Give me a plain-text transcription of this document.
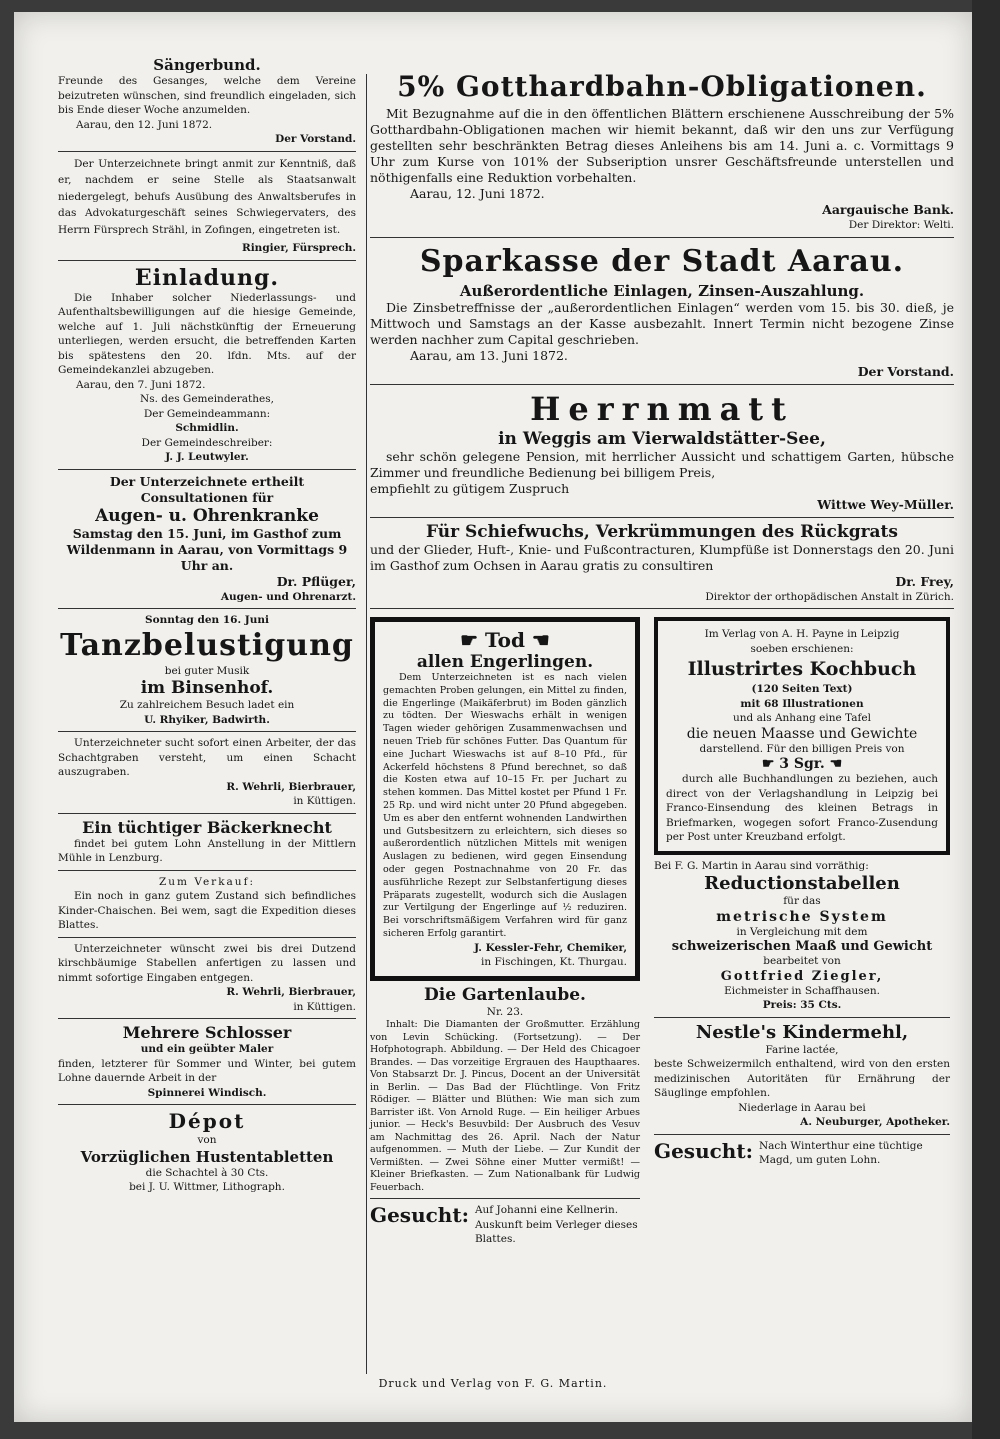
Sängerbund.
Freunde des Gesanges, welche dem Vereine beizutreten wünschen, sind freundlich eingeladen, sich bis Ende dieser Woche anzumelden.
Aarau, den 12. Juni 1872.
Der Vorstand.
Der Unterzeichnete bringt anmit zur Kenntniß, daß er, nachdem er seine Stelle als Staatsanwalt niedergelegt, behufs Ausübung des Anwaltsberufes in das Advokaturgeschäft seines Schwiegervaters, des Herrn Fürsprech Strähl, in Zofingen, eingetreten ist.
Ringier, Fürsprech.
Einladung.
Die Inhaber solcher Niederlassungs- und Aufenthaltsbewilligungen auf die hiesige Gemeinde, welche auf 1. Juli nächstkünftig der Erneuerung unterliegen, werden ersucht, die betreffenden Karten bis spätestens den 20. lfdn. Mts. auf der Gemeindekanzlei abzugeben.
Aarau, den 7. Juni 1872.
Ns. des Gemeinderathes,
Der Gemeindeammann:
Schmidlin.
Der Gemeindeschreiber:
J. J. Leutwyler.
Der Unterzeichnete ertheilt Consultationen für
Augen- u. Ohrenkranke
Samstag den 15. Juni, im Gasthof zum Wildenmann in Aarau, von Vormittags 9 Uhr an.
Dr. Pflüger,
Augen- und Ohrenarzt.
Sonntag den 16. Juni
Tanzbelustigung
bei guter Musik
im Binsenhof.
Zu zahlreichem Besuch ladet ein
U. Rhyiker, Badwirth.
Unterzeichneter sucht sofort einen Arbeiter, der das Schachtgraben versteht, um einen Schacht auszugraben.
R. Wehrli, Bierbrauer,
in Küttigen.
Ein tüchtiger Bäckerknecht
findet bei gutem Lohn Anstellung in der Mittlern Mühle in Lenzburg.
Zum Verkauf:
Ein noch in ganz gutem Zustand sich befindliches Kinder-Chaischen. Bei wem, sagt die Expedition dieses Blattes.
Unterzeichneter wünscht zwei bis drei Dutzend kirschbäumige Stabellen anfertigen zu lassen und nimmt sofortige Eingaben entgegen.
R. Wehrli, Bierbrauer,
in Küttigen.
Mehrere Schlosser
und ein geübter Maler
finden, letzterer für Sommer und Winter, bei gutem Lohne dauernde Arbeit in der
Spinnerei Windisch.
Dépot
von
Vorzüglichen Hustentabletten
die Schachtel à 30 Cts.
bei J. U. Wittmer, Lithograph.
5% Gotthardbahn-Obligationen.
Mit Bezugnahme auf die in den öffentlichen Blättern erschienene Ausschreibung der 5% Gotthardbahn-Obligationen machen wir hiemit bekannt, daß wir den uns zur Verfügung gestellten sehr beschränkten Betrag dieses Anleihens bis am 14. Juni a. c. Vormittags 9 Uhr zum Kurse von 101% der Subseription unsrer Geschäftsfreunde unterstellen und nöthigenfalls eine Reduktion vorbehalten.
Aarau, 12. Juni 1872.
Aargauische Bank.
Der Direktor: Welti.
Sparkasse der Stadt Aarau.
Außerordentliche Einlagen, Zinsen-Auszahlung.
Die Zinsbetreffnisse der „außerordentlichen Einlagen“ werden vom 15. bis 30. dieß, je Mittwoch und Samstags an der Kasse ausbezahlt. Innert Termin nicht bezogene Zinse werden nachher zum Capital geschrieben.
Aarau, am 13. Juni 1872.
Der Vorstand.
Herrnmatt
in Weggis am Vierwaldstätter-See,
sehr schön gelegene Pension, mit herrlicher Aussicht und schattigem Garten, hübsche Zimmer und freundliche Bedienung bei billigem Preis,
empfiehlt zu gütigem Zuspruch
Wittwe Wey-Müller.
Für Schiefwuchs, Verkrümmungen des Rückgrats
und der Glieder, Huft-, Knie- und Fußcontracturen, Klumpfüße ist Donnerstags den 20. Juni im Gasthof zum Ochsen in Aarau gratis zu consultiren
Dr. Frey,
Direktor der orthopädischen Anstalt in Zürich.
☛ Tod ☚
allen Engerlingen.
Dem Unterzeichneten ist es nach vielen gemachten Proben gelungen, ein Mittel zu finden, die Engerlinge (Maikäferbrut) im Boden gänzlich zu tödten. Der Wieswachs erhält in wenigen Tagen wieder gehörigen Zusammenwachsen und neuen Trieb für schönes Futter. Das Quantum für eine Juchart Wieswachs ist auf 8–10 Pfd., für Ackerfeld höchstens 8 Pfund berechnet, so daß die Kosten etwa auf 10–15 Fr. per Juchart zu stehen kommen. Das Mittel kostet per Pfund 1 Fr. 25 Rp. und wird nicht unter 20 Pfund abgegeben. Um es aber den entfernt wohnenden Landwirthen und Gutsbesitzern zu erleichtern, sich dieses so außerordentlich nützlichen Mittels mit wenigen Auslagen zu bedienen, wird gegen Einsendung oder gegen Postnachnahme von 20 Fr. das ausführliche Rezept zur Selbstanfertigung dieses Präparats zugestellt, wodurch sich die Auslagen zur Vertilgung der Engerlinge auf ½ reduziren. Bei vorschriftsmäßigem Verfahren wird für ganz sicheren Erfolg garantirt.
J. Kessler-Fehr, Chemiker,
in Fischingen, Kt. Thurgau.
Die Gartenlaube.
Nr. 23.
Inhalt: Die Diamanten der Großmutter. Erzählung von Levin Schücking. (Fortsetzung). — Der Hofphotograph. Abbildung. — Der Held des Chicagoer Brandes. — Das vorzeitige Ergrauen des Haupthaares. Von Stabsarzt Dr. J. Pincus, Docent an der Universität in Berlin. — Das Bad der Flüchtlinge. Von Fritz Rödiger. — Blätter und Blüthen: Wie man sich zum Barrister ißt. Von Arnold Ruge. — Ein heiliger Arbues junior. — Heck's Besuvbild: Der Ausbruch des Vesuv am Nachmittag des 26. April. Nach der Natur aufgenommen. — Muth der Liebe. — Zur Kundit der Vermißten. — Zwei Söhne einer Mutter vermißt! — Kleiner Briefkasten. — Zum Nationalbank für Ludwig Feuerbach.
Gesucht: Auf Johanni eine Kellnerin. Auskunft beim Verleger dieses Blattes.
Im Verlag von A. H. Payne in Leipzig
soeben erschienen:
Illustrirtes Kochbuch
(120 Seiten Text)
mit 68 Illustrationen
und als Anhang eine Tafel
die neuen Maasse und Gewichte
darstellend. Für den billigen Preis von
☛ 3 Sgr. ☚
durch alle Buchhandlungen zu beziehen, auch direct von der Verlagshandlung in Leipzig bei Franco-Einsendung des kleinen Betrags in Briefmarken, wogegen sofort Franco-Zusendung per Post unter Kreuzband erfolgt.
Bei F. G. Martin in Aarau sind vorräthig:
Reductionstabellen
für das
metrische System
in Vergleichung mit dem
schweizerischen Maaß und Gewicht
bearbeitet von
Gottfried Ziegler,
Eichmeister in Schaffhausen.
Preis: 35 Cts.
Nestle's Kindermehl,
Farine lactée,
beste Schweizermilch enthaltend, wird von den ersten medizinischen Autoritäten für Ernährung der Säuglinge empfohlen.
Niederlage in Aarau bei
A. Neuburger, Apotheker.
Gesucht: Nach Winterthur eine tüchtige Magd, um guten Lohn.
Druck und Verlag von F. G. Martin.
